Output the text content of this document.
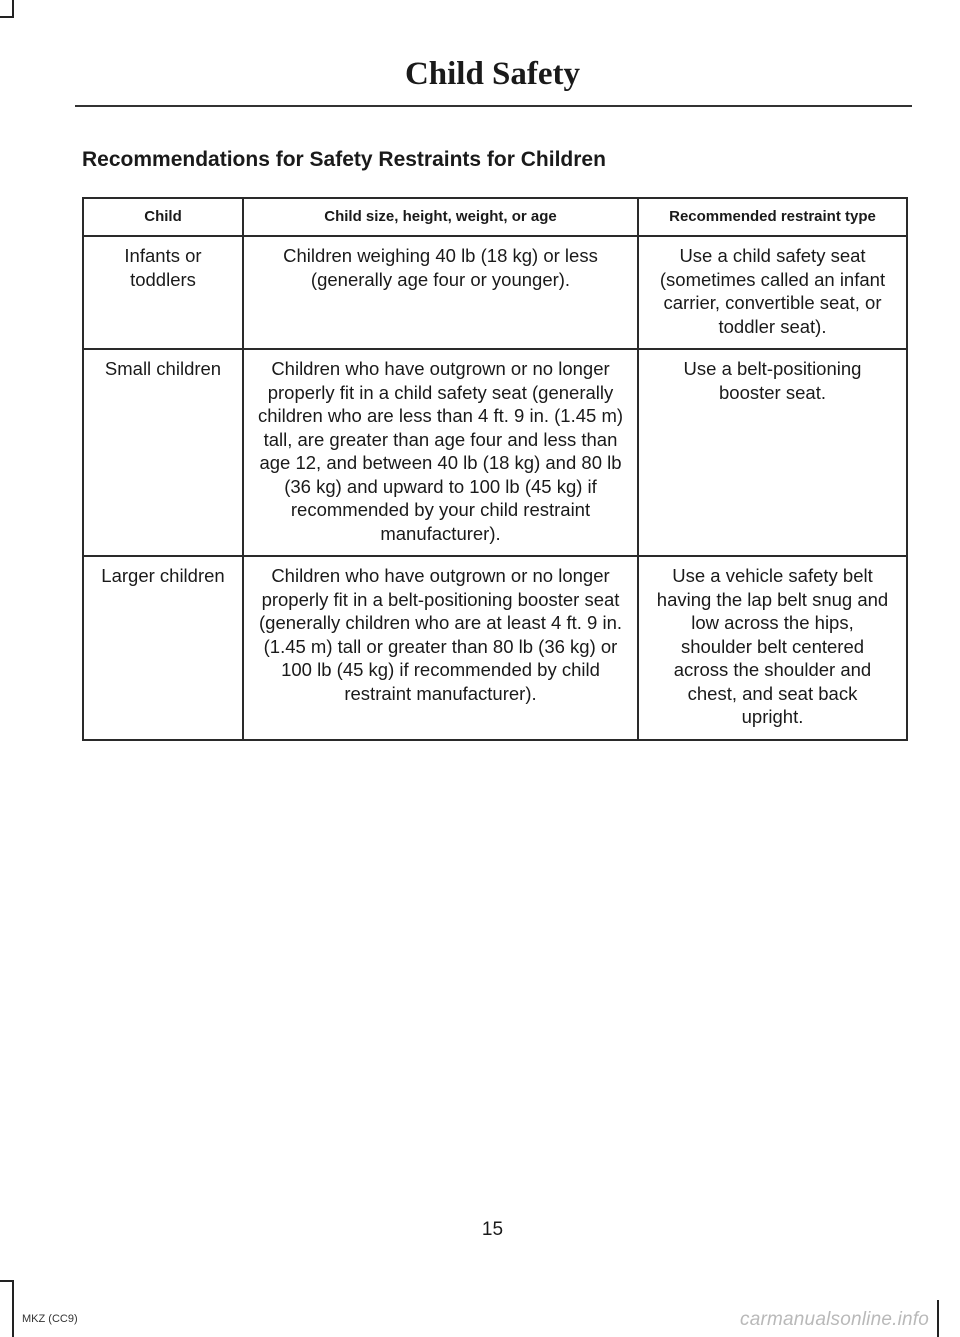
Child Safety
Recommendations for Safety Restraints for Children
Child	Child size, height, weight, or age	Recommended restraint type

Infants or toddlers	Children weighing 40 lb (18 kg) or less (generally age four or younger).	Use a child safety seat (sometimes called an infant carrier, convertible seat, or toddler seat).
Small children	Children who have outgrown or no longer properly fit in a child safety seat (generally children who are less than 4 ft. 9 in. (1.45 m) tall, are greater than age four and less than age 12, and between 40 lb (18 kg) and 80 lb (36 kg) and upward to 100 lb (45 kg) if recommended by your child restraint manufacturer).	Use a belt-positioning booster seat.

Larger children	Children who have outgrown or no longer properly fit in a belt-positioning booster seat (generally children who are at least 4 ft. 9 in. (1.45 m) tall or greater than 80 lb (36 kg) or 100 lb (45 kg) if recommended by child restraint manufacturer).	Use a vehicle safety belt having the lap belt snug and low across the hips, shoulder belt centered across the shoulder and chest, and seat back upright.
15
MKZ (CC9)	carmanualsonline.info
